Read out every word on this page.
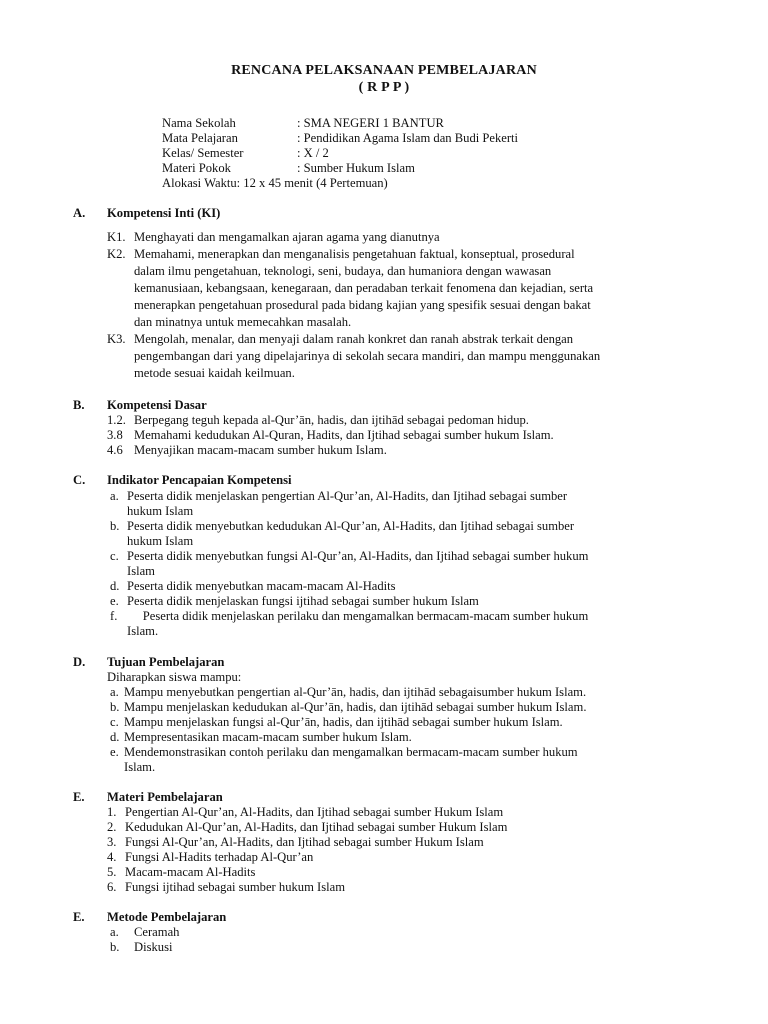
RENCANA PELAKSANAAN PEMBELAJARAN
( R P P )
Nama Sekolah	: SMA NEGERI 1 BANTUR
Mata Pelajaran	: Pendidikan Agama Islam dan Budi Pekerti
Kelas/ Semester	: X / 2
Materi Pokok	: Sumber Hukum Islam
Alokasi Waktu: 12 x 45 menit (4 Pertemuan)
A. Kompetensi Inti (KI)
K1. Menghayati dan mengamalkan ajaran agama yang dianutnya
K2. Memahami, menerapkan dan menganalisis pengetahuan faktual, konseptual, prosedural
dalam ilmu pengetahuan, teknologi, seni, budaya, dan humaniora dengan wawasan
kemanusiaan, kebangsaan, kenegaraan, dan peradaban terkait fenomena dan kejadian, serta
menerapkan pengetahuan prosedural pada bidang kajian yang spesifik sesuai dengan bakat
dan minatnya untuk memecahkan masalah.
K3. Mengolah, menalar, dan menyaji dalam ranah konkret dan ranah abstrak terkait dengan
pengembangan dari yang dipelajarinya di sekolah secara mandiri, dan mampu menggunakan
metode sesuai kaidah keilmuan.
B. Kompetensi Dasar
1.2. Berpegang teguh kepada al-Qur’ān, hadis, dan ijtihād sebagai pedoman hidup.
3.8 Memahami kedudukan Al-Quran, Hadits, dan Ijtihad sebagai sumber hukum Islam.
4.6 Menyajikan macam-macam sumber hukum Islam.
C. Indikator Pencapaian Kompetensi
a. Peserta didik menjelaskan pengertian Al-Qur’an, Al-Hadits, dan Ijtihad sebagai sumber
hukum Islam
b. Peserta didik menyebutkan kedudukan Al-Qur’an, Al-Hadits, dan Ijtihad sebagai sumber
hukum Islam
c. Peserta didik menyebutkan fungsi Al-Qur’an, Al-Hadits, dan Ijtihad sebagai sumber hukum
Islam
d. Peserta didik menyebutkan macam-macam Al-Hadits
e. Peserta didik menjelaskan fungsi ijtihad sebagai sumber hukum Islam
f. Peserta didik menjelaskan perilaku dan mengamalkan bermacam-macam sumber hukum
Islam.
D. Tujuan Pembelajaran
Diharapkan siswa mampu:
a. Mampu menyebutkan pengertian al-Qur’ān, hadis, dan ijtihād sebagaisumber hukum Islam.
b. Mampu menjelaskan kedudukan al-Qur’ān, hadis, dan ijtihād sebagai sumber hukum Islam.
c. Mampu menjelaskan fungsi al-Qur’ān, hadis, dan ijtihād sebagai sumber hukum Islam.
d. Mempresentasikan macam-macam sumber hukum Islam.
e. Mendemonstrasikan contoh perilaku dan mengamalkan bermacam-macam sumber hukum
Islam.
E. Materi Pembelajaran
1. Pengertian Al-Qur’an, Al-Hadits, dan Ijtihad sebagai sumber Hukum Islam
2. Kedudukan Al-Qur’an, Al-Hadits, dan Ijtihad sebagai sumber Hukum Islam
3. Fungsi Al-Qur’an, Al-Hadits, dan Ijtihad sebagai sumber Hukum Islam
4. Fungsi Al-Hadits terhadap Al-Qur’an
5. Macam-macam Al-Hadits
6. Fungsi ijtihad sebagai sumber hukum Islam
E. Metode Pembelajaran
a. Ceramah
b. Diskusi
